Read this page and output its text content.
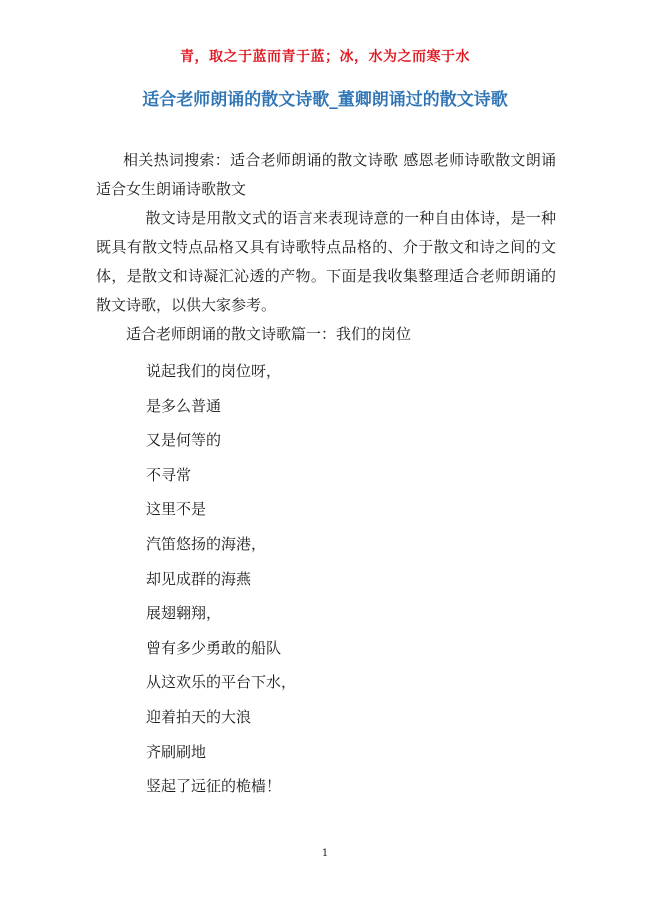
青，取之于蓝而青于蓝；冰，水为之而寒于水
适合老师朗诵的散文诗歌_董卿朗诵过的散文诗歌

相关热词搜索：适合老师朗诵的散文诗歌 感恩老师诗歌散文朗诵 适合女生朗诵诗歌散文

散文诗是用散文式的语言来表现诗意的一种自由体诗，是一种既具有散文特点品格又具有诗歌特点品格的、介于散文和诗之间的文体，是散文和诗凝汇沁透的产物。下面是我收集整理适合老师朗诵的散文诗歌，以供大家参考。

适合老师朗诵的散文诗歌篇一：我们的岗位

说起我们的岗位呀，
是多么普通
又是何等的
不寻常
这里不是
汽笛悠扬的海港，
却见成群的海燕
展翅翱翔，
曾有多少勇敢的船队
从这欢乐的平台下水，
迎着拍天的大浪
齐刷刷地
竖起了远征的桅樯！
1
